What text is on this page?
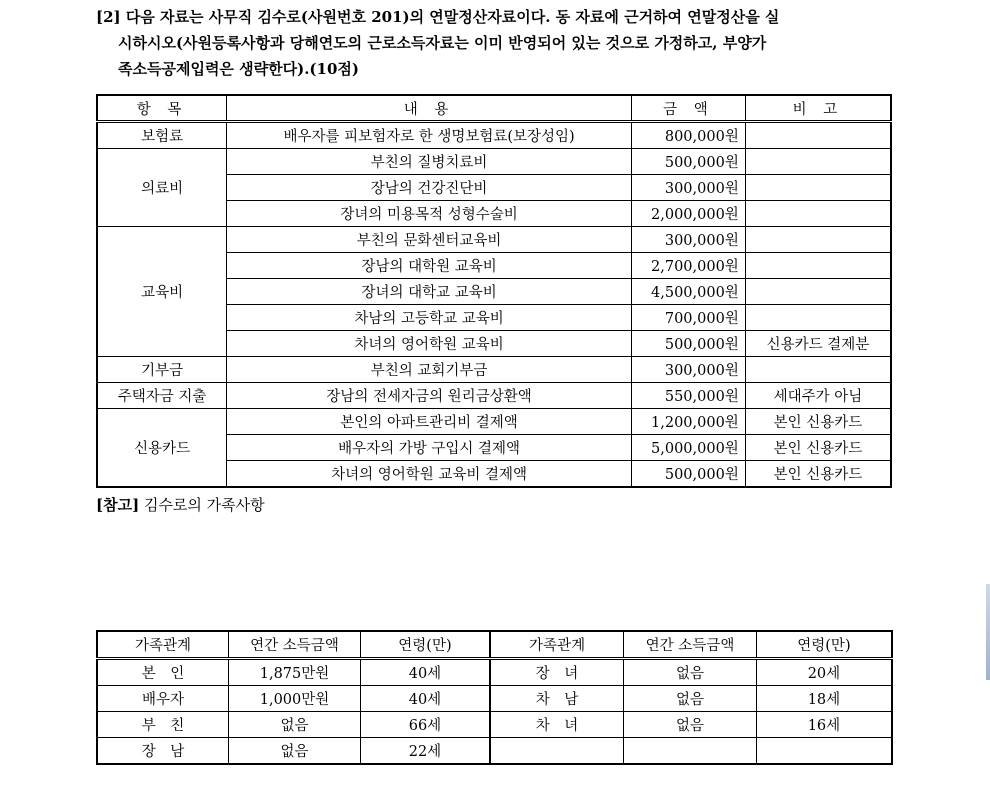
[2] 다음 자료는 사무직 김수로(사원번호 201)의 연말정산자료이다. 동 자료에 근거하여 연말정산을 실
시하시오(사원등록사항과 당해연도의 근로소득자료는 이미 반영되어 있는 것으로 가정하고, 부양가
족소득공제입력은 생략한다).(10점)
항 목	내 용	금 액	비 고
보험료	배우자를 피보험자로 한 생명보험료(보장성임)	800,000원	
의료비	부친의 질병치료비	500,000원	
	장남의 건강진단비	300,000원	
	장녀의 미용목적 성형수술비	2,000,000원	
교육비	부친의 문화센터교육비	300,000원	
	장남의 대학원 교육비	2,700,000원	
	장녀의 대학교 교육비	4,500,000원	
	차남의 고등학교 교육비	700,000원	
	차녀의 영어학원 교육비	500,000원	신용카드 결제분
기부금	부친의 교회기부금	300,000원	
주택자금 지출	장남의 전세자금의 원리금상환액	550,000원	세대주가 아님
신용카드	본인의 아파트관리비 결제액	1,200,000원	본인 신용카드
	배우자의 가방 구입시 결제액	5,000,000원	본인 신용카드
	차녀의 영어학원 교육비 결제액	500,000원	본인 신용카드

[참고] 김수로의 가족사항

가족관계	연간 소득금액	연령(만)	가족관계	연간 소득금액	연령(만)
본　인	1,875만원	40세	장　녀	없음	20세
배우자	1,000만원	40세	차　남	없음	18세
부　친	없음	66세	차　녀	없음	16세
장　남	없음	22세			
